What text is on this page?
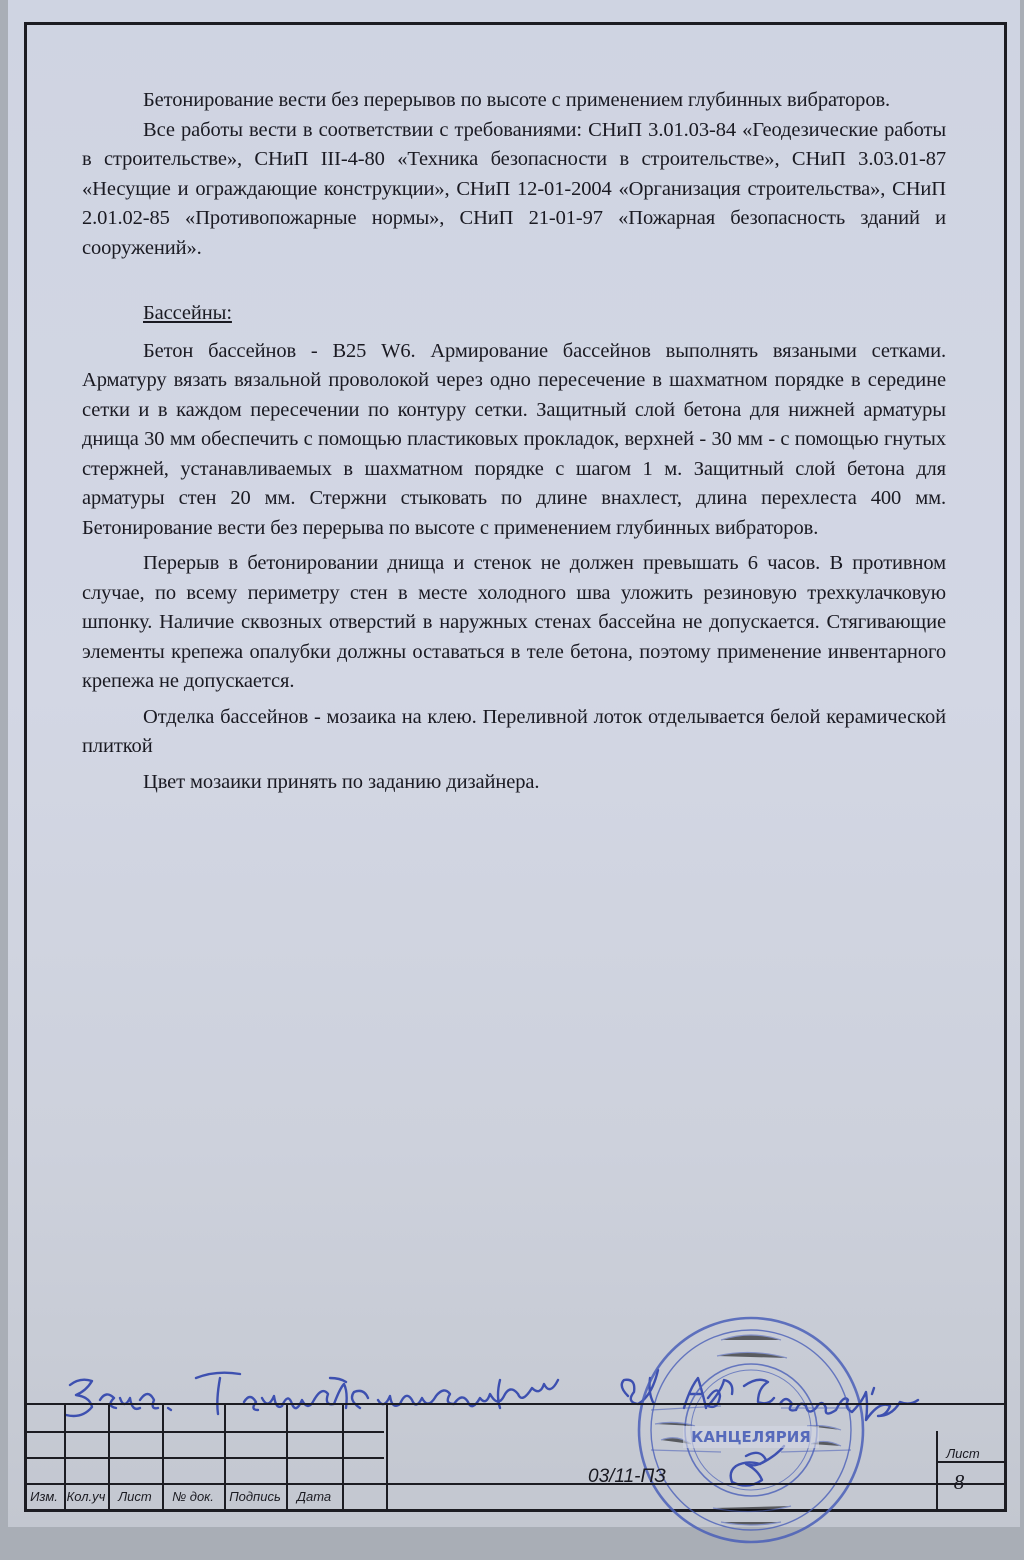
Бетонирование вести без перерывов по высоте с применением глубинных вибраторов.

Все работы вести в соответствии с требованиями: СНиП 3.01.03-84 «Геодезические работы в строительстве», СНиП III-4-80 «Техника безопасности в строительстве», СНиП 3.03.01-87 «Несущие и ограждающие конструкции», СНиП 12-01-2004 «Организация строительства», СНиП 2.01.02-85 «Противопожарные нормы», СНиП 21-01-97 «Пожарная безопасность зданий и сооружений».

Бассейны:

Бетон бассейнов - В25 W6. Армирование бассейнов выполнять вязаными сетками. Арматуру вязать вязальной проволокой через одно пересечение в шахматном порядке в середине сетки и в каждом пересечении по контуру сетки. Защитный слой бетона для нижней арматуры днища 30 мм обеспечить с помощью пластиковых прокладок, верхней - 30 мм - с помощью гнутых стержней, устанавливаемых в шахматном порядке с шагом 1 м. Защитный слой бетона для арматуры стен 20 мм. Стержни стыковать по длине внахлест, длина перехлеста 400 мм. Бетонирование вести без перерыва по высоте с применением глубинных вибраторов.

Перерыв в бетонировании днища и стенок не должен превышать 6 часов. В противном случае, по всему периметру стен в месте холодного шва уложить резиновую трехкулачковую шпонку. Наличие сквозных отверстий в наружных стенах бассейна не допускается. Стягивающие элементы крепежа опалубки должны оставаться в теле бетона, поэтому применение инвентарного крепежа не допускается.

Отделка бассейнов - мозаика на клею. Переливной лоток отделывается белой керамической плиткой

Цвет мозаики принять по заданию дизайнера.

КАНЦЕЛЯРИЯ
Изм. Кол.уч Лист	№ док.	Подпись	Дата
03/11-ПЗ
Лист
8
